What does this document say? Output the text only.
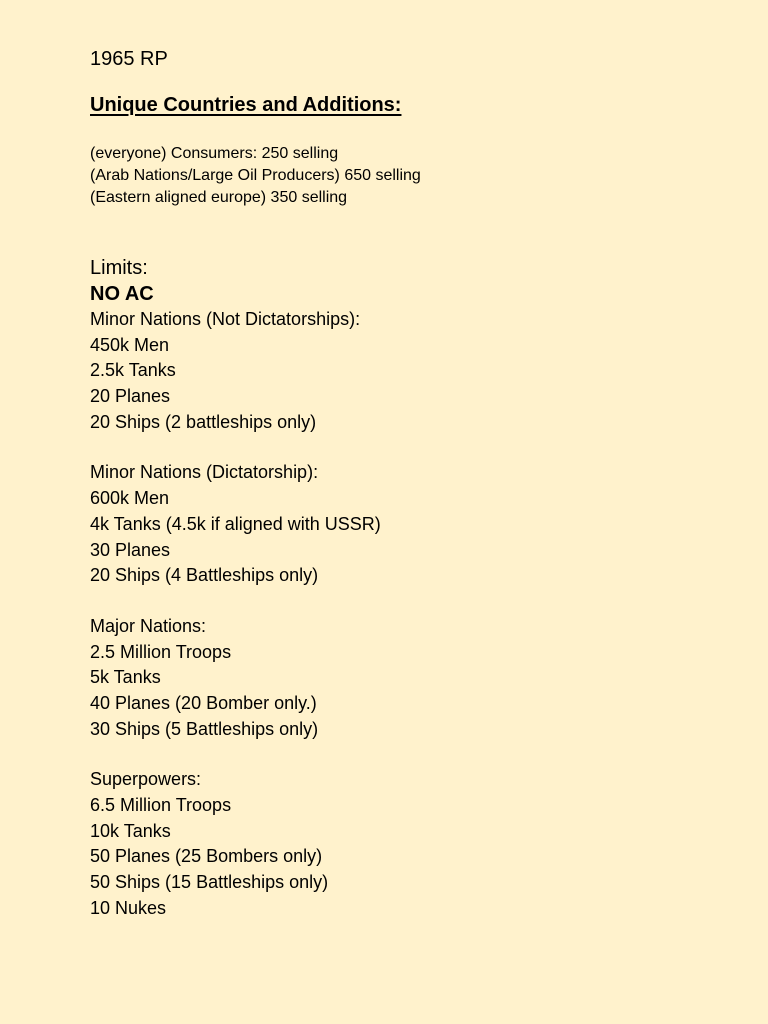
1965 RP
Unique Countries and Additions:
(everyone) Consumers: 250 selling
(Arab Nations/Large Oil Producers) 650 selling
(Eastern aligned europe) 350 selling
Limits:
NO AC
Minor Nations (Not Dictatorships):
450k Men
2.5k Tanks
20 Planes
20 Ships (2 battleships only)
Minor Nations (Dictatorship):
600k Men
4k Tanks (4.5k if aligned with USSR)
30 Planes
20 Ships (4 Battleships only)
Major Nations:
2.5 Million Troops
5k Tanks
40 Planes (20 Bomber only.)
30 Ships (5 Battleships only)
Superpowers:
6.5 Million Troops
10k Tanks
50 Planes (25 Bombers only)
50 Ships (15 Battleships only)
10 Nukes
